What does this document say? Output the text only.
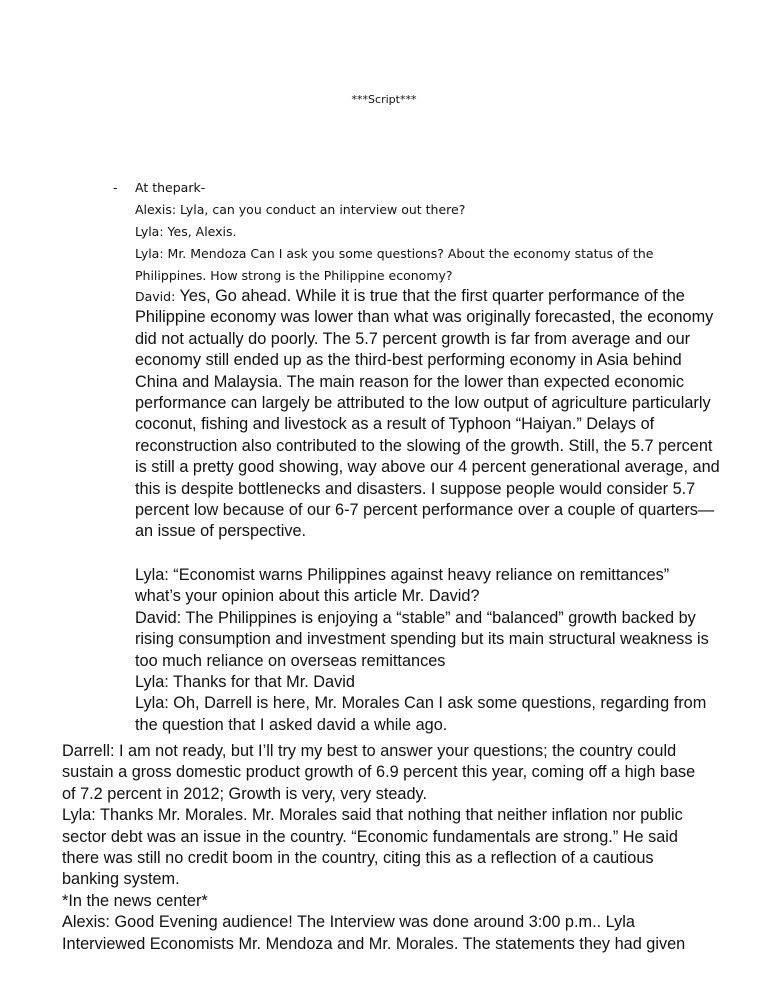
***Script***
- At thepark-
Alexis: Lyla, can you conduct an interview out there?
Lyla: Yes, Alexis.
Lyla: Mr. Mendoza Can I ask you some questions? About the economy status of the
Philippines. How strong is the Philippine economy?
David: Yes, Go ahead. While it is true that the first quarter performance of the
Philippine economy was lower than what was originally forecasted, the economy
did not actually do poorly. The 5.7 percent growth is far from average and our
economy still ended up as the third-best performing economy in Asia behind
China and Malaysia. The main reason for the lower than expected economic
performance can largely be attributed to the low output of agriculture particularly
coconut, fishing and livestock as a result of Typhoon “Haiyan.” Delays of
reconstruction also contributed to the slowing of the growth. Still, the 5.7 percent
is still a pretty good showing, way above our 4 percent generational average, and
this is despite bottlenecks and disasters. I suppose people would consider 5.7
percent low because of our 6-7 percent performance over a couple of quarters—
an issue of perspective.
Lyla: “Economist warns Philippines against heavy reliance on remittances”
what’s your opinion about this article Mr. David?
David: The Philippines is enjoying a “stable” and “balanced” growth backed by
rising consumption and investment spending but its main structural weakness is
too much reliance on overseas remittances
Lyla: Thanks for that Mr. David
Lyla: Oh, Darrell is here, Mr. Morales Can I ask some questions, regarding from
the question that I asked david a while ago.
Darrell: I am not ready, but I’ll try my best to answer your questions; the country could
sustain a gross domestic product growth of 6.9 percent this year, coming off a high base
of 7.2 percent in 2012; Growth is very, very steady.
Lyla: Thanks Mr. Morales. Mr. Morales said that nothing that neither inflation nor public
sector debt was an issue in the country. “Economic fundamentals are strong.” He said
there was still no credit boom in the country, citing this as a reflection of a cautious
banking system.
*In the news center*
Alexis: Good Evening audience! The Interview was done around 3:00 p.m.. Lyla
Interviewed Economists Mr. Mendoza and Mr. Morales. The statements they had given
